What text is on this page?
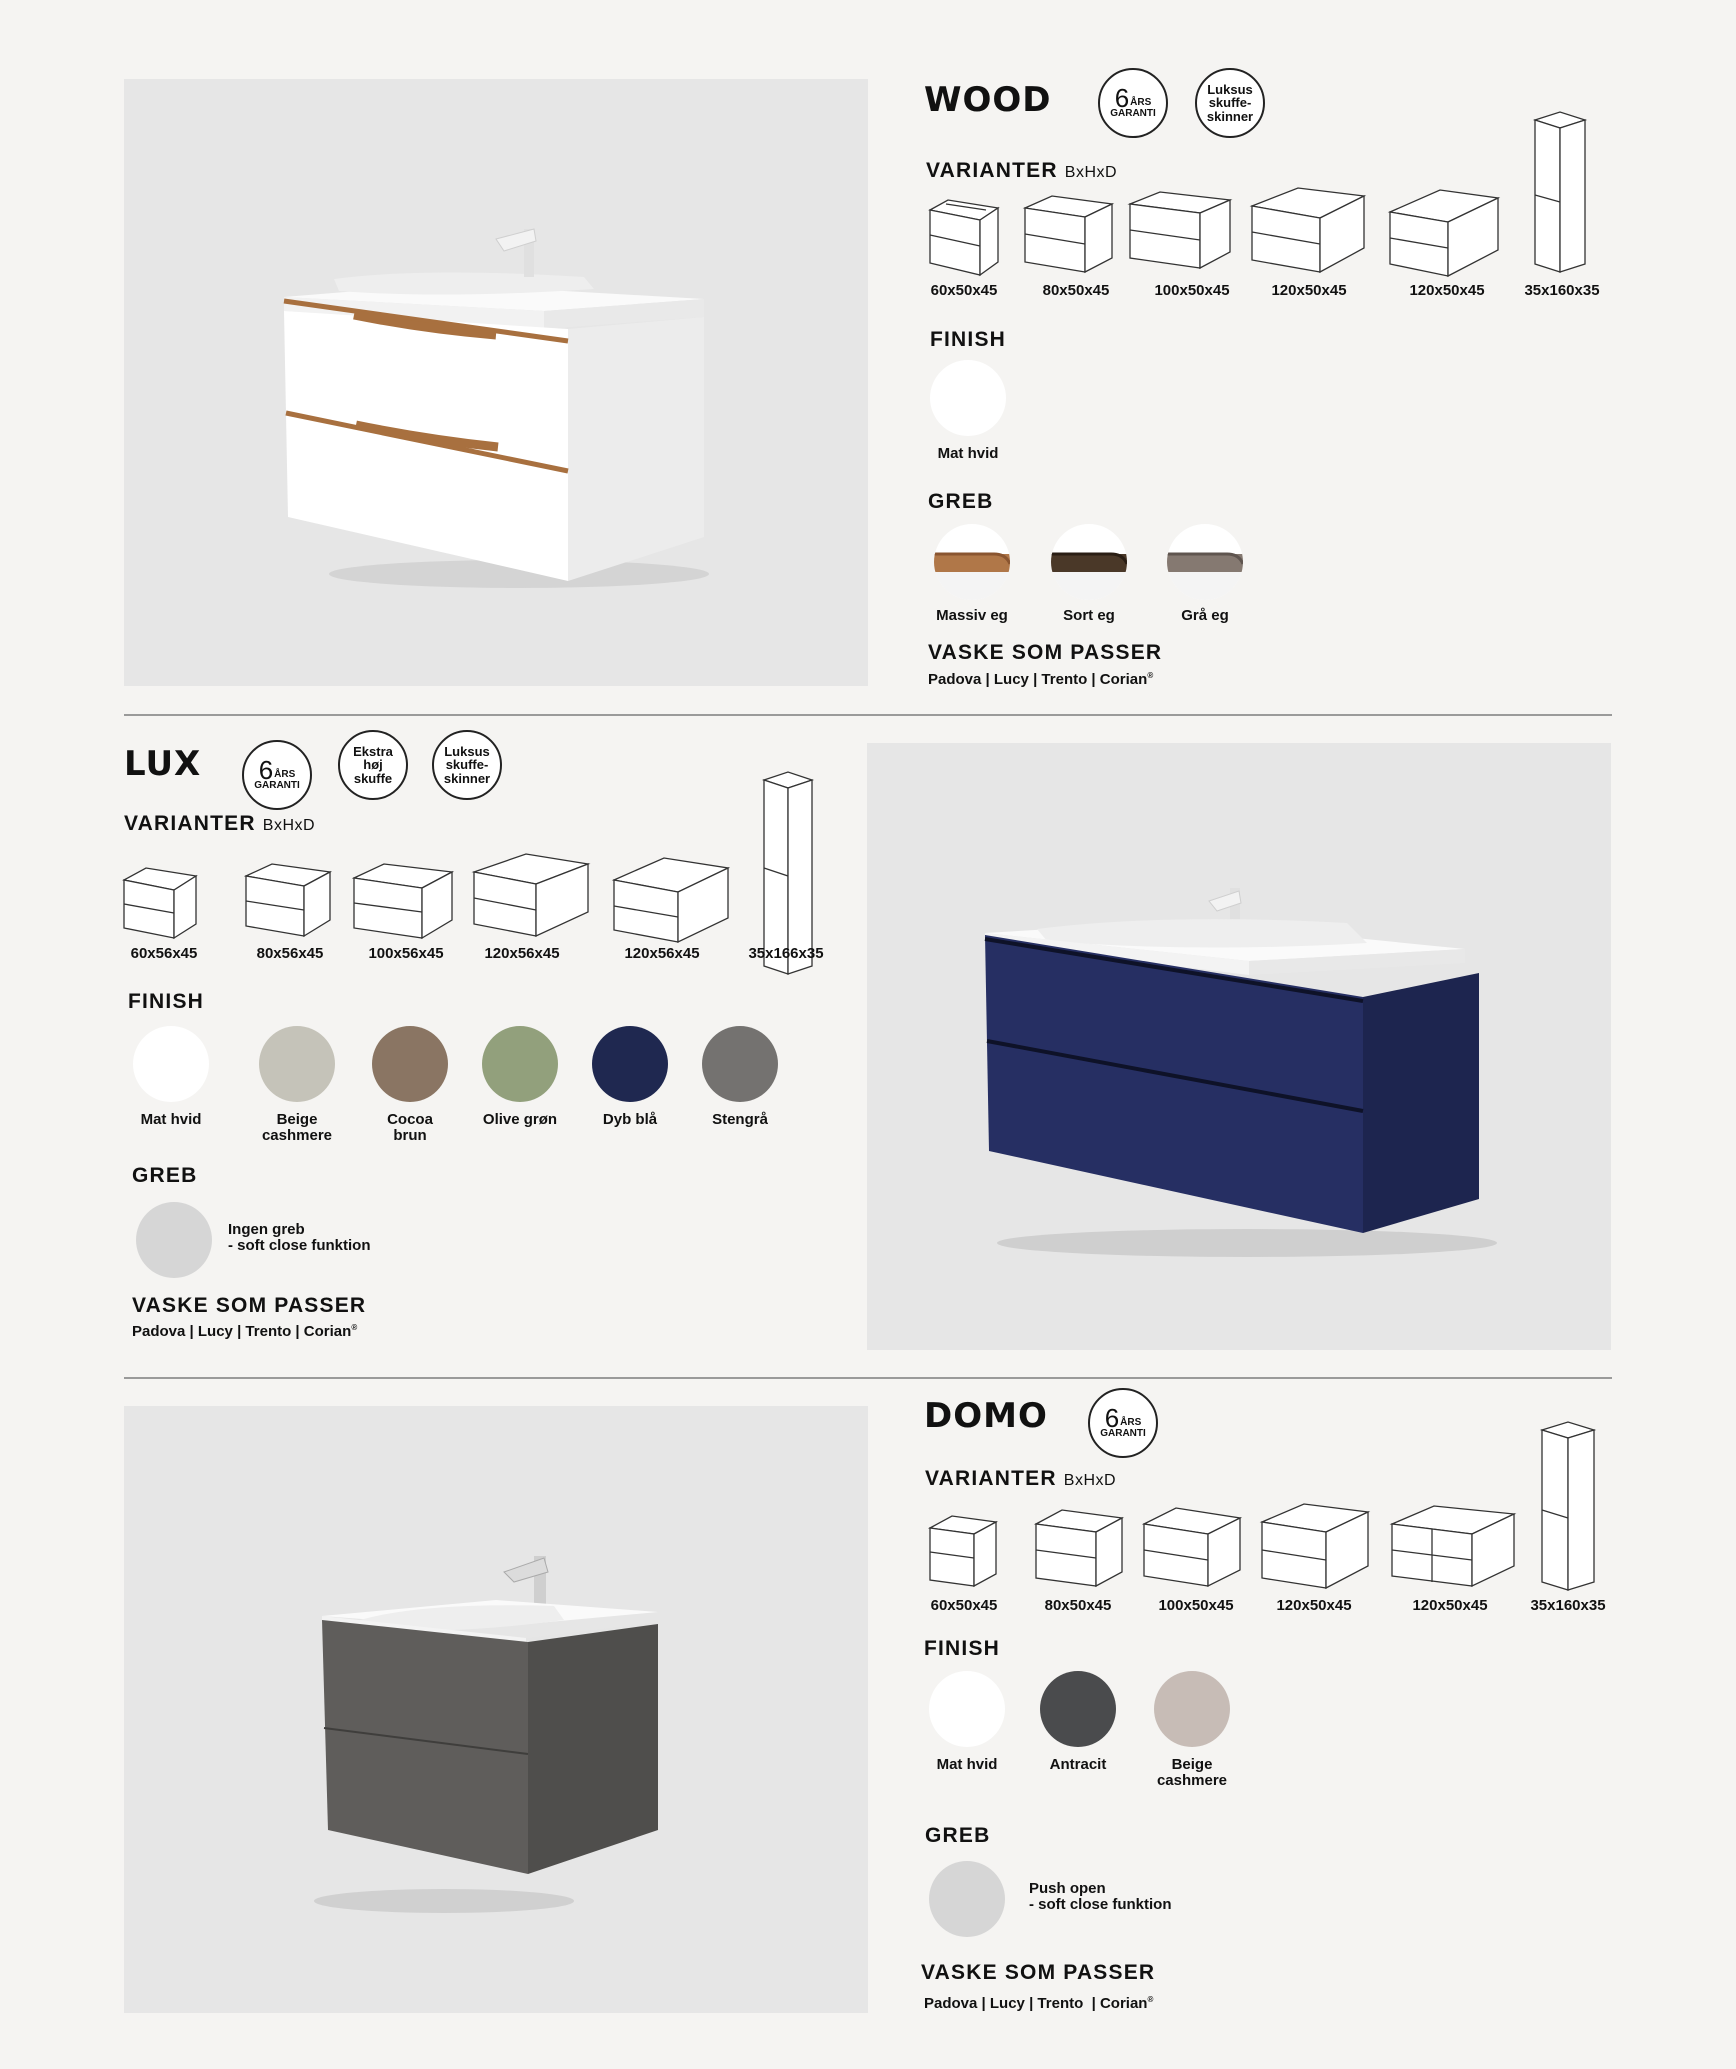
WOOD 6 ÅRS
GARANTI
Luksus skuffe- skinner
VARIANTER BxHxD
60x50x45	80x50x45	100x50x45	120x50x45	120x50x45	35x160x35
FINISH
Mat hvid
GREB
Massiv eg	Sort eg	Grå eg
VASKE SOM PASSER
Padova | Lucy | Trento | Corian®
LUX 6 ÅRS
GARANTI
Ekstra høj skuffe
Luksus skuffe- skinner
VARIANTER BxHxD
60x56x45	80x56x45	100x56x45	120x56x45	120x56x45	35x166x35
FINISH
Mat hvid	Beige cashmere
Cocoa brun
Olive grøn	Dyb blå	Stengrå
GREB
Ingen greb
- soft close funktion
VASKE SOM PASSER
Padova | Lucy | Trento | Corian®
DOMO 6 ÅRS
GARANTI
VARIANTER BxHxD
60x50x45	80x50x45	100x50x45	120x50x45	120x50x45	35x160x35
FINISH
Mat hvid	Antracit	Beige cashmere
GREB
Push open
- soft close funktion
VASKE SOM PASSER
Padova | Lucy | Trento  | Corian®
